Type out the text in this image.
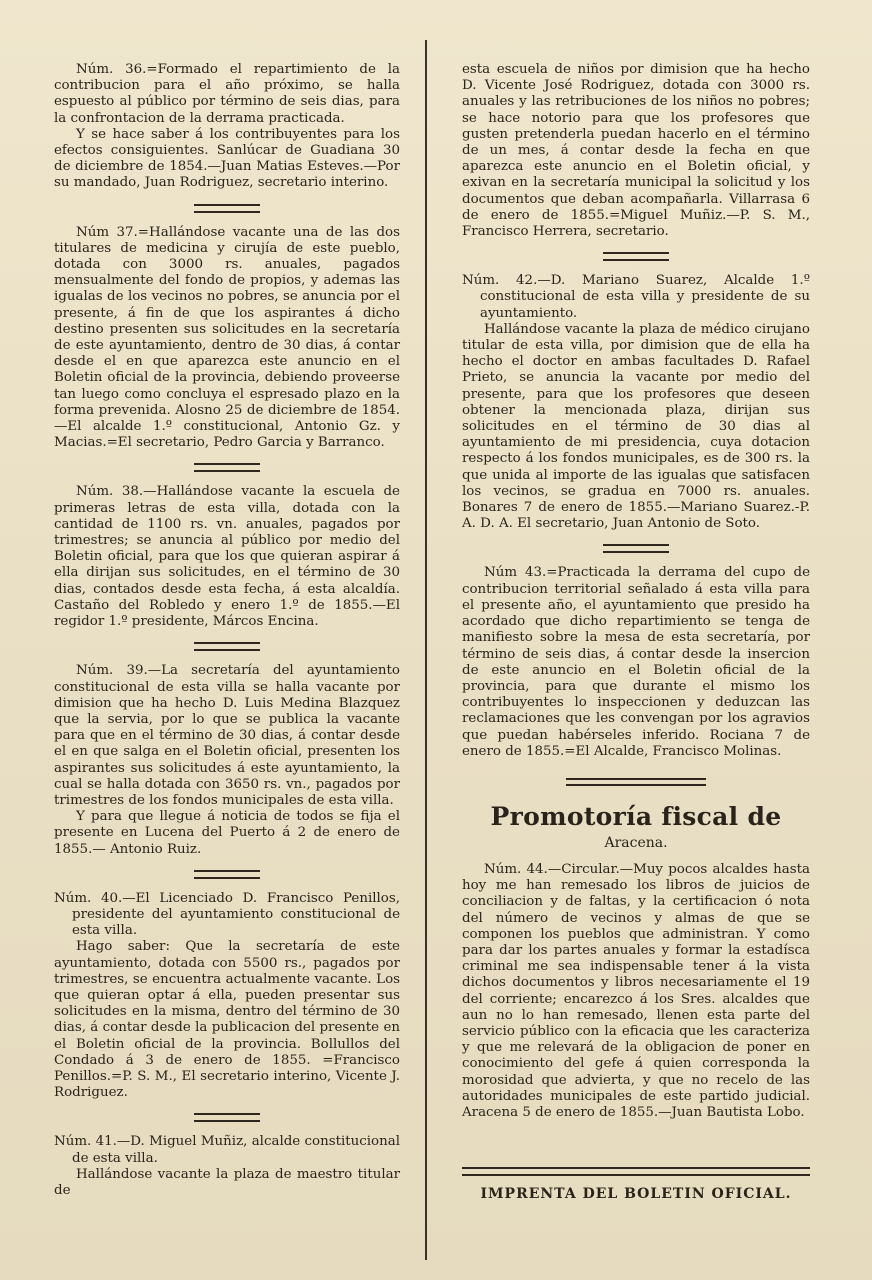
Núm. 36.=Formado el repartimiento de la contribucion para el año próximo, se halla espuesto al público por término de seis dias, para la confrontacion de la derrama practicada.

Y se hace saber á los contribuyentes para los efectos consiguientes. Sanlúcar de Guadiana 30 de diciembre de 1854.—Juan Matias Esteves.—Por su mandado, Juan Rodriguez, secretario interino.

Núm 37.=Hallándose vacante una de las dos titulares de medicina y cirujía de este pueblo, dotada con 3000 rs. anuales, pagados mensualmente del fondo de propios, y ademas las igualas de los vecinos no pobres, se anuncia por el presente, á fin de que los aspirantes á dicho destino presenten sus solicitudes en la secretaría de este ayuntamiento, dentro de 30 dias, á contar desde el en que aparezca este anuncio en el Boletin oficial de la provincia, debiendo proveerse tan luego como concluya el espresado plazo en la forma prevenida. Alosno 25 de diciembre de 1854. —El alcalde 1.º constitucional, Antonio Gz. y Macias.=El secretario, Pedro Garcia y Barranco.

Núm. 38.—Hallándose vacante la escuela de primeras letras de esta villa, dotada con la cantidad de 1100 rs. vn. anuales, pagados por trimestres; se anuncia al público por medio del Boletin oficial, para que los que quieran aspirar á ella dirijan sus solicitudes, en el término de 30 dias, contados desde esta fecha, á esta alcaldía. Castaño del Robledo y enero 1.º de 1855.—El regidor 1.º presidente, Márcos Encina.

Núm. 39.—La secretaría del ayuntamiento constitucional de esta villa se halla vacante por dimision que ha hecho D. Luis Medina Blazquez que la servia, por lo que se publica la vacante para que en el término de 30 dias, á contar desde el en que salga en el Boletin oficial, presenten los aspirantes sus solicitudes á este ayuntamiento, la cual se halla dotada con 3650 rs. vn., pagados por trimestres de los fondos municipales de esta villa.

Y para que llegue á noticia de todos se fija el presente en Lucena del Puerto á 2 de enero de 1855.— Antonio Ruiz.

Núm. 40.—El Licenciado D. Francisco Penillos, presidente del ayuntamiento constitucional de esta villa.

Hago saber: Que la secretaría de este ayuntamiento, dotada con 5500 rs., pagados por trimestres, se encuentra actualmente vacante. Los que quieran optar á ella, pueden presentar sus solicitudes en la misma, dentro del término de 30 dias, á contar desde la publicacion del presente en el Boletin oficial de la provincia. Bollullos del Condado á 3 de enero de 1855. =Francisco Penillos.=P. S. M., El secretario interino, Vicente J. Rodriguez.

Núm. 41.—D. Miguel Muñiz, alcalde constitucional de esta villa.

Hallándose vacante la plaza de maestro titular de

esta escuela de niños por dimision que ha hecho D. Vicente José Rodriguez, dotada con 3000 rs. anuales y las retribuciones de los niños no pobres; se hace notorio para que los profesores que gusten pretenderla puedan hacerlo en el término de un mes, á contar desde la fecha en que aparezca este anuncio en el Boletin oficial, y exivan en la secretaría municipal la solicitud y los documentos que deban acompañarla. Villarrasa 6 de enero de 1855.=Miguel Muñiz.—P. S. M., Francisco Herrera, secretario.

Núm. 42.—D. Mariano Suarez, Alcalde 1.º constitucional de esta villa y presidente de su ayuntamiento.

Hallándose vacante la plaza de médico cirujano titular de esta villa, por dimision que de ella ha hecho el doctor en ambas facultades D. Rafael Prieto, se anuncia la vacante por medio del presente, para que los profesores que deseen obtener la mencionada plaza, dirijan sus solicitudes en el término de 30 dias al ayuntamiento de mi presidencia, cuya dotacion respecto á los fondos municipales, es de 300 rs. la que unida al importe de las igualas que satisfacen los vecinos, se gradua en 7000 rs. anuales. Bonares 7 de enero de 1855.—Mariano Suarez.-P. A. D. A. El secretario, Juan Antonio de Soto.

Núm 43.=Practicada la derrama del cupo de contribucion territorial señalado á esta villa para el presente año, el ayuntamiento que presido ha acordado que dicho repartimiento se tenga de manifiesto sobre la mesa de esta secretaría, por término de seis dias, á contar desde la insercion de este anuncio en el Boletin oficial de la provincia, para que durante el mismo los contribuyentes lo inspeccionen y deduzcan las reclamaciones que les convengan por los agravios que puedan habérseles inferido. Rociana 7 de enero de 1855.=El Alcalde, Francisco Molinas.

Promotoría fiscal de
Aracena.

Núm. 44.—Circular.—Muy pocos alcaldes hasta hoy me han remesado los libros de juicios de conciliacion y de faltas, y la certificacion ó nota del número de vecinos y almas de que se componen los pueblos que administran. Y como para dar los partes anuales y formar la estadísca criminal me sea indispensable tener á la vista dichos documentos y libros necesariamente el 19 del corriente; encarezco á los Sres. alcaldes que aun no lo han remesado, llenen esta parte del servicio público con la eficacia que les caracteriza y que me relevará de la obligacion de poner en conocimiento del gefe á quien corresponda la morosidad que advierta, y que no recelo de las autoridades municipales de este partido judicial. Aracena 5 de enero de 1855.—Juan Bautista Lobo.

IMPRENTA DEL BOLETIN OFICIAL.
